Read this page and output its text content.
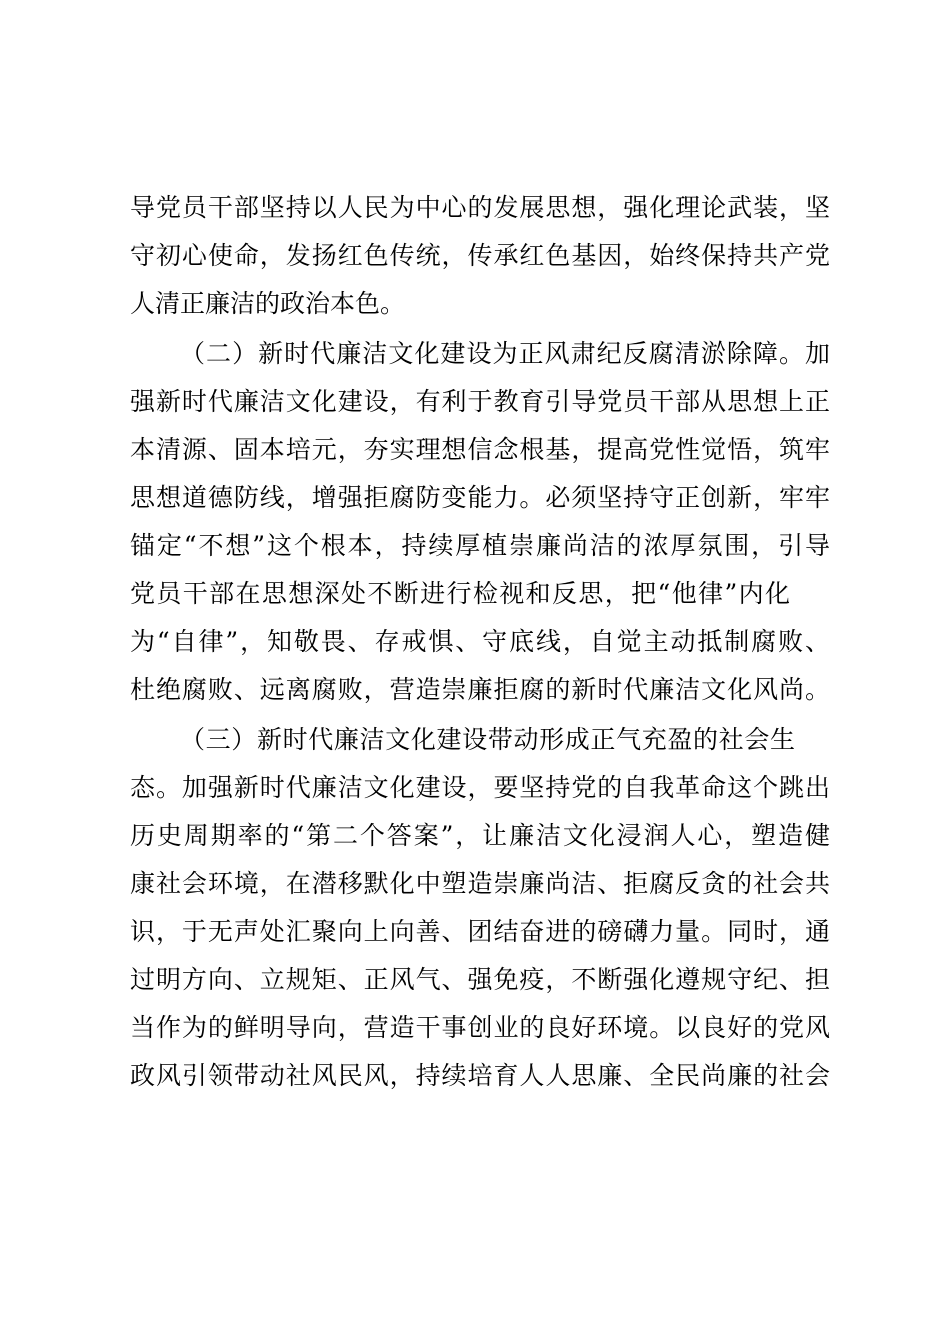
导党员干部坚持以人民为中心的发展思想，强化理论武装，坚
守初心使命，发扬红色传统，传承红色基因，始终保持共产党
人清正廉洁的政治本色。
（二）新时代廉洁文化建设为正风肃纪反腐清淤除障。加
强新时代廉洁文化建设，有利于教育引导党员干部从思想上正
本清源、固本培元，夯实理想信念根基，提高党性觉悟，筑牢
思想道德防线，增强拒腐防变能力。必须坚持守正创新，牢牢
锚定“不想”这个根本，持续厚植崇廉尚洁的浓厚氛围，引导
党员干部在思想深处不断进行检视和反思，把“他律”内化
为“自律”，知敬畏、存戒惧、守底线，自觉主动抵制腐败、
杜绝腐败、远离腐败，营造崇廉拒腐的新时代廉洁文化风尚。
（三）新时代廉洁文化建设带动形成正气充盈的社会生
态。加强新时代廉洁文化建设，要坚持党的自我革命这个跳出
历史周期率的“第二个答案”，让廉洁文化浸润人心，塑造健
康社会环境，在潜移默化中塑造崇廉尚洁、拒腐反贪的社会共
识，于无声处汇聚向上向善、团结奋进的磅礴力量。同时，通
过明方向、立规矩、正风气、强免疫，不断强化遵规守纪、担
当作为的鲜明导向，营造干事创业的良好环境。以良好的党风
政风引领带动社风民风，持续培育人人思廉、全民尚廉的社会
